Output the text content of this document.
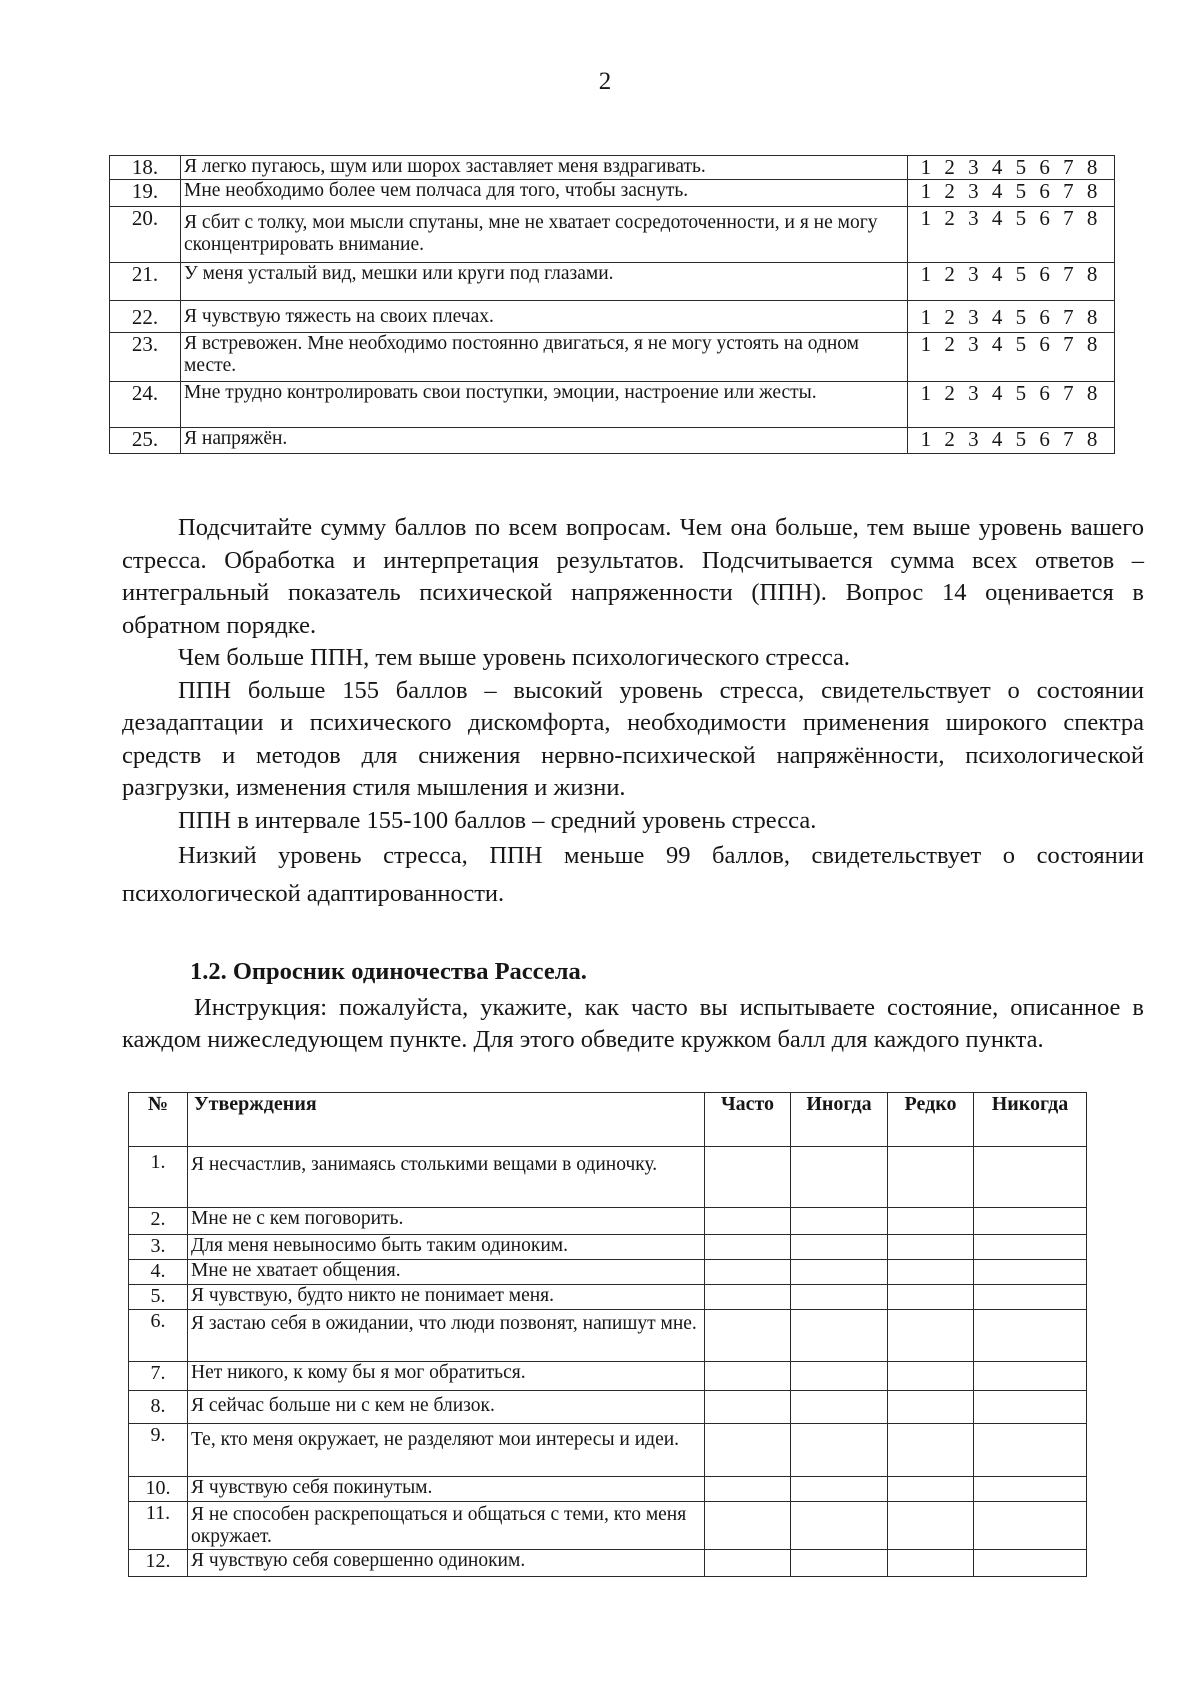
2
18.	Я легко пугаюсь, шум или шорох заставляет меня вздрагивать.	1 2 3 4 5 6 7 8
19.	Мне необходимо более чем полчаса для того, чтобы заснуть.	1 2 3 4 5 6 7 8
20.	Я сбит с толку, мои мысли спутаны, мне не хватает сосредоточенности, и я не могу сконцентрировать внимание.	1 2 3 4 5 6 7 8
21.	У меня усталый вид, мешки или круги под глазами.	1 2 3 4 5 6 7 8
22.	Я чувствую тяжесть на своих плечах.	1 2 3 4 5 6 7 8
23.	Я встревожен. Мне необходимо постоянно двигаться, я не могу устоять на одном месте.	1 2 3 4 5 6 7 8
24.	Мне трудно контролировать свои поступки, эмоции, настроение или жесты.	1 2 3 4 5 6 7 8
25.	Я напряжён.	1 2 3 4 5 6 7 8

Подсчитайте сумму баллов по всем вопросам. Чем она больше, тем выше уровень вашего стресса. Обработка и интерпретация результатов. Подсчитывается сумма всех ответов – интегральный показатель психической напряженности (ППН). Вопрос 14 оценивается в обратном порядке.

Чем больше ППН, тем выше уровень психологического стресса.

ППН больше 155 баллов – высокий уровень стресса, свидетельствует о состоянии дезадаптации и психического дискомфорта, необходимости применения широкого спектра средств и методов для снижения нервно-психической напряжённости, психологической разгрузки, изменения стиля мышления и жизни.

ППН в интервале 155-100 баллов – средний уровень стресса.

Низкий уровень стресса, ППН меньше 99 баллов, свидетельствует о состоянии психологической адаптированности.

1.2. Опросник одиночества Рассела.
Инструкция: пожалуйста, укажите, как часто вы испытываете состояние, описанное в каждом нижеследующем пункте. Для этого обведите кружком балл для каждого пункта.
№	Утверждения	Часто	Иногда	Редко	Никогда
1.	Я несчастлив, занимаясь столькими вещами в одиночку.				
2.	Мне не с кем поговорить.				
3.	Для меня невыносимо быть таким одиноким.				
4.	Мне не хватает общения.				
5.	Я чувствую, будто никто не понимает меня.				
6.	Я застаю себя в ожидании, что люди позвонят, напишут мне.				
7.	Нет никого, к кому бы я мог обратиться.				
8.	Я сейчас больше ни с кем не близок.				
9.	Те, кто меня окружает, не разделяют мои интересы и идеи.				
10.	Я чувствую себя покинутым.				
11.	Я не способен раскрепощаться и общаться с теми, кто меня окружает.				
12.	Я чувствую себя совершенно одиноким.				
